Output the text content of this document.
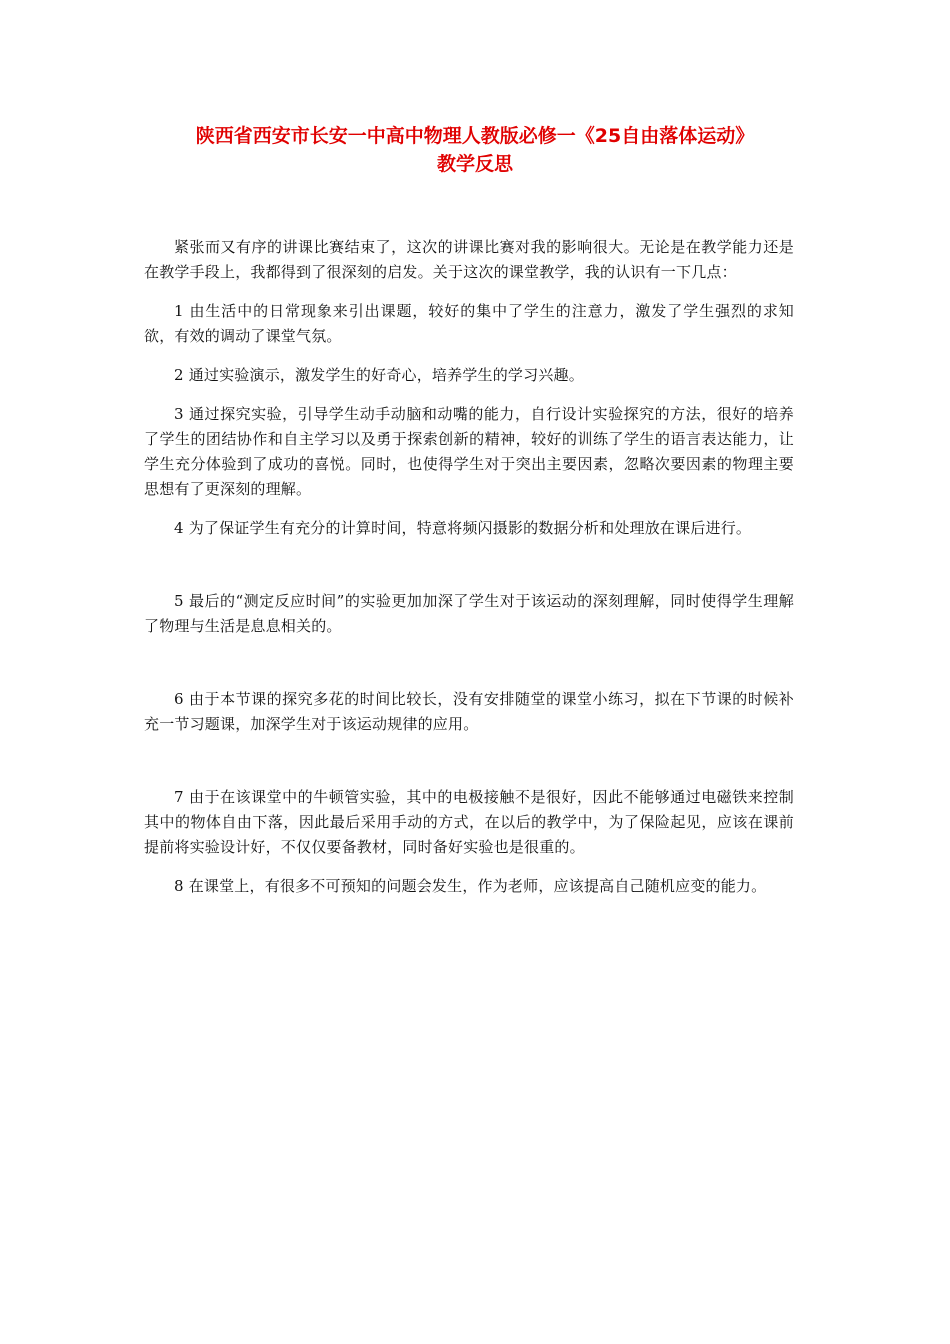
陕西省西安市长安一中高中物理人教版必修一《25自由落体运动》
教学反思

紧张而又有序的讲课比赛结束了，这次的讲课比赛对我的影响很大。无论是在教学能力还是在教学手段上，我都得到了很深刻的启发。关于这次的课堂教学，我的认识有一下几点：

1 由生活中的日常现象来引出课题，较好的集中了学生的注意力，激发了学生强烈的求知欲，有效的调动了课堂气氛。

2 通过实验演示，激发学生的好奇心，培养学生的学习兴趣。

3 通过探究实验，引导学生动手动脑和动嘴的能力，自行设计实验探究的方法，很好的培养了学生的团结协作和自主学习以及勇于探索创新的精神，较好的训练了学生的语言表达能力，让学生充分体验到了成功的喜悦。同时，也使得学生对于突出主要因素，忽略次要因素的物理主要思想有了更深刻的理解。

4 为了保证学生有充分的计算时间，特意将频闪摄影的数据分析和处理放在课后进行。

5 最后的“测定反应时间”的实验更加加深了学生对于该运动的深刻理解，同时使得学生理解了物理与生活是息息相关的。

6 由于本节课的探究多花的时间比较长，没有安排随堂的课堂小练习，拟在下节课的时候补充一节习题课，加深学生对于该运动规律的应用。

7 由于在该课堂中的牛顿管实验，其中的电极接触不是很好，因此不能够通过电磁铁来控制其中的物体自由下落，因此最后采用手动的方式，在以后的教学中，为了保险起见，应该在课前提前将实验设计好，不仅仅要备教材，同时备好实验也是很重的。

8 在课堂上，有很多不可预知的问题会发生，作为老师，应该提高自己随机应变的能力。
